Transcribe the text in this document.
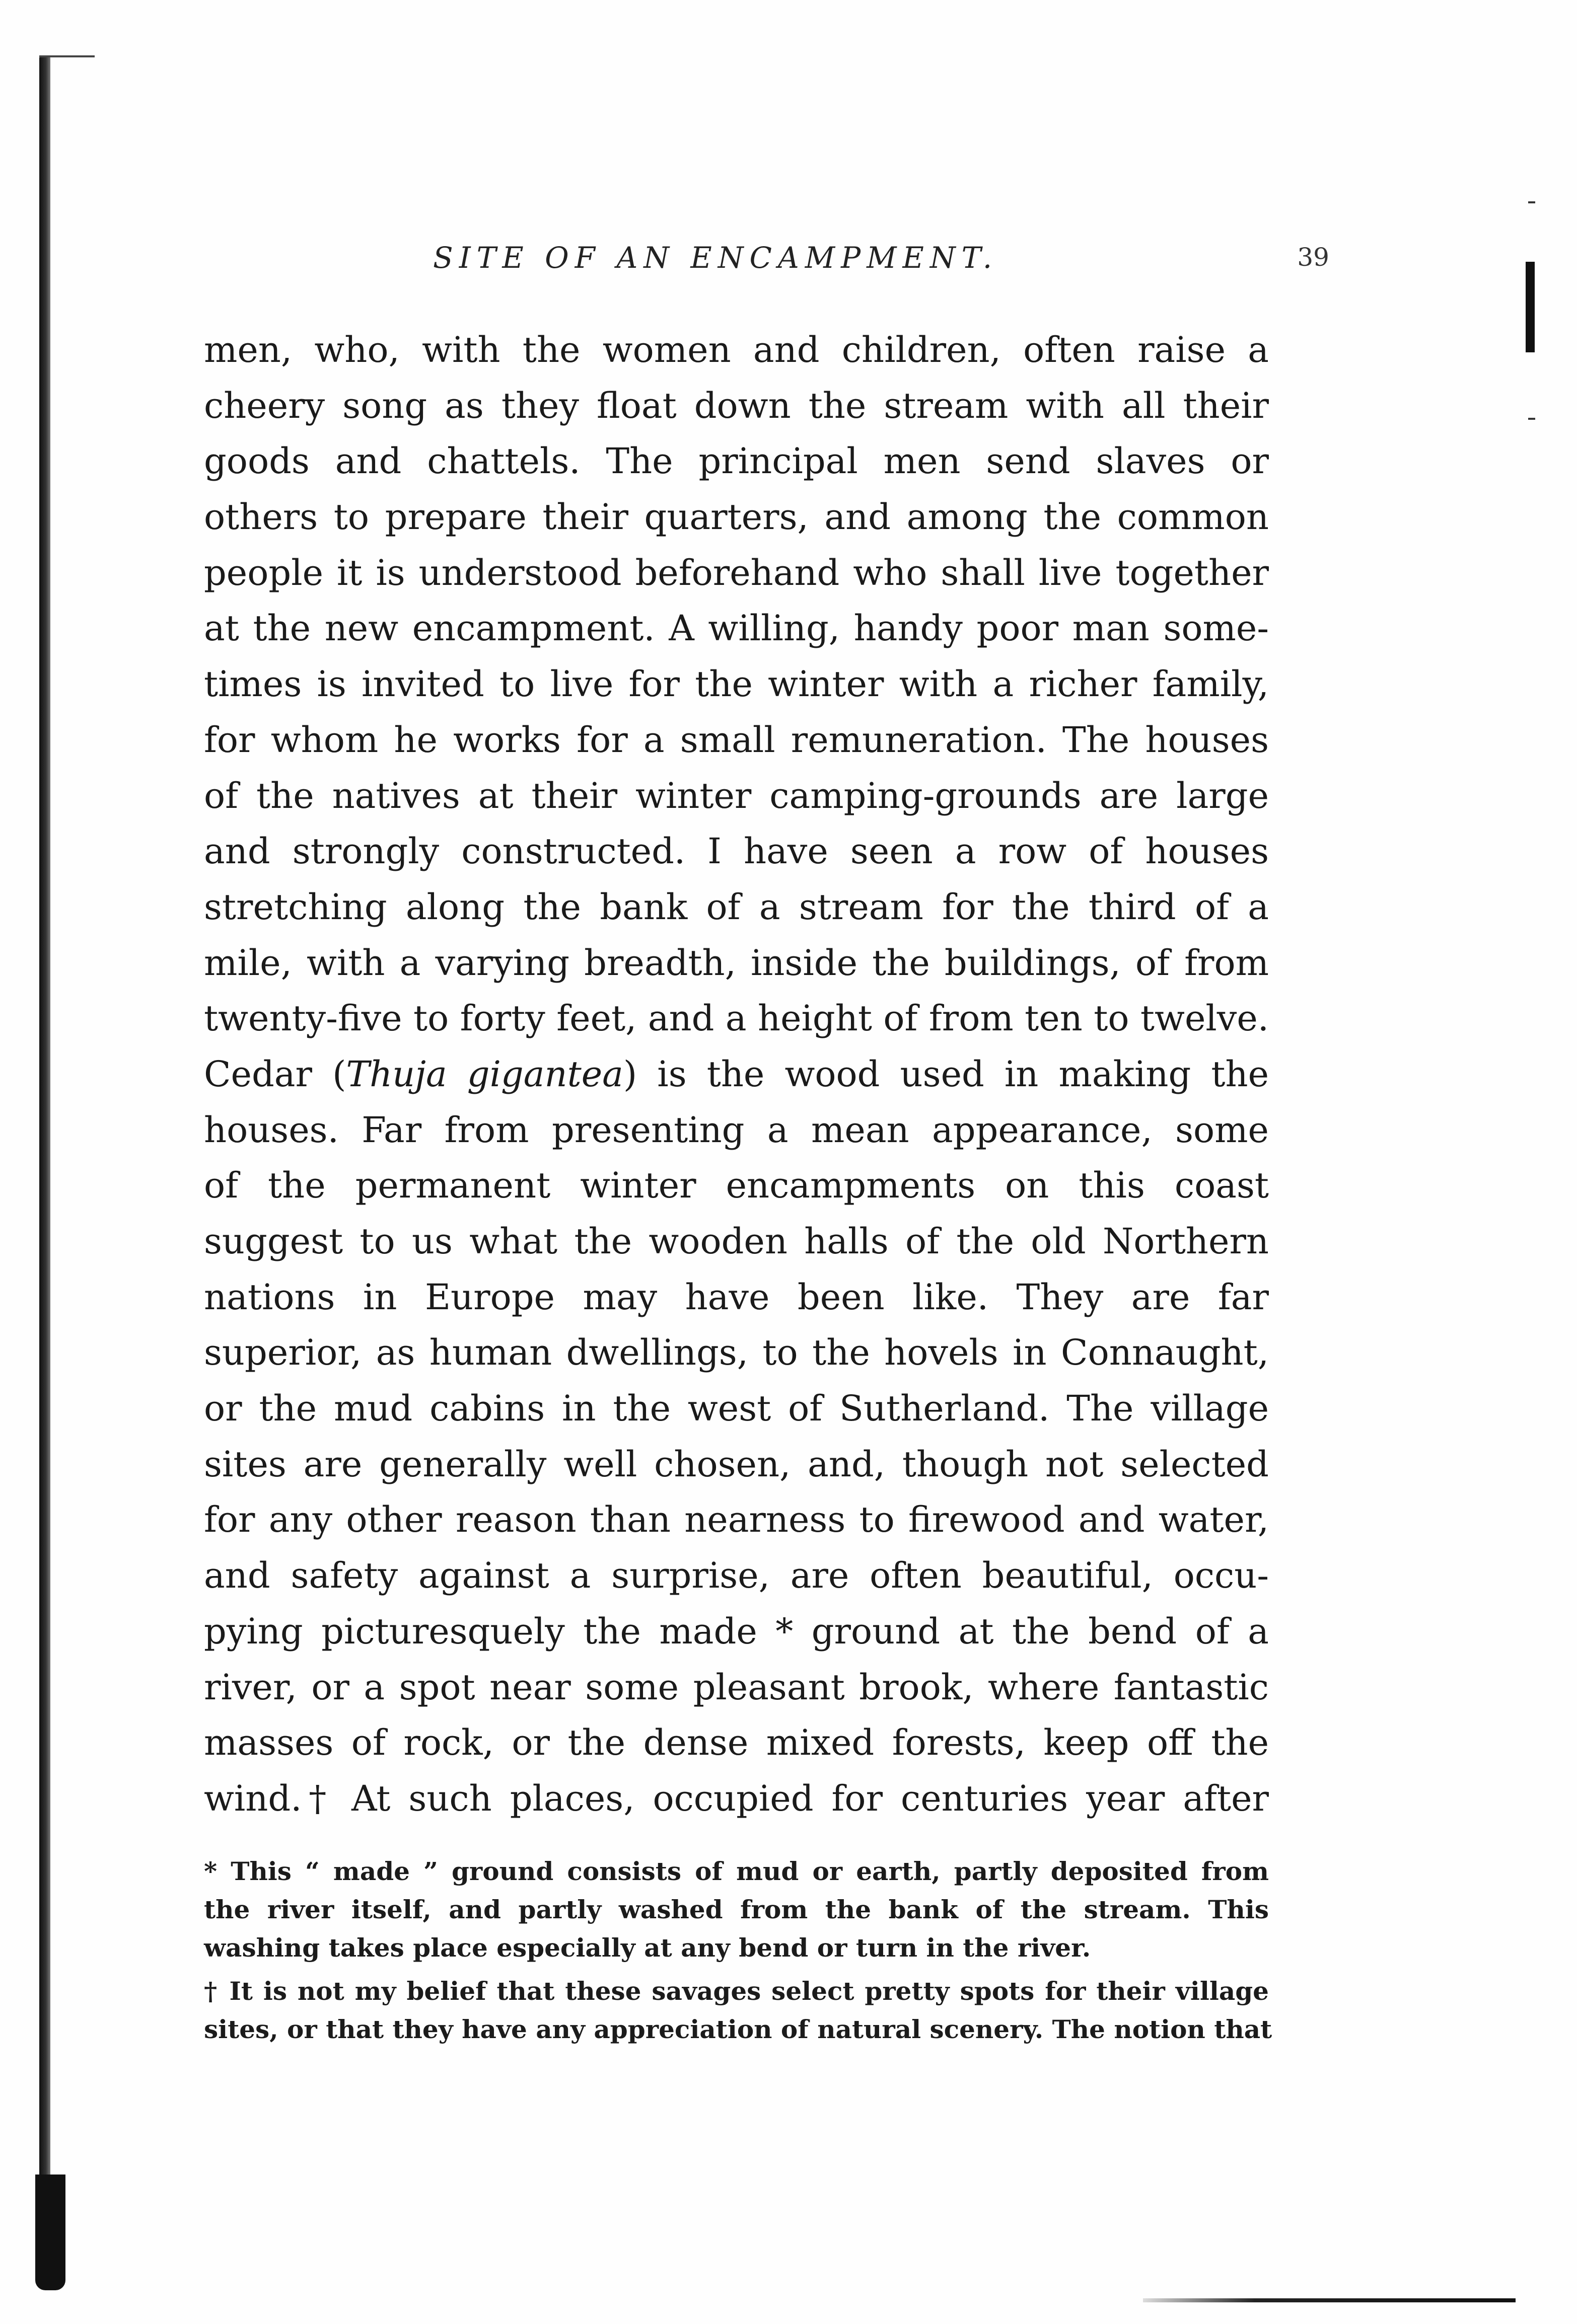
SITE OF AN ENCAMPMENT.	39
men, who, with the women and children, often raise a
cheery song as they float down the stream with all their
goods and chattels. The principal men send slaves or
others to prepare their quarters, and among the common
people it is understood beforehand who shall live together
at the new encampment. A willing, handy poor man some-
times is invited to live for the winter with a richer family,
for whom he works for a small remuneration. The houses
of the natives at their winter camping-grounds are large
and strongly constructed. I have seen a row of houses
stretching along the bank of a stream for the third of a
mile, with a varying breadth, inside the buildings, of from
twenty-five to forty feet, and a height of from ten to twelve.
Cedar (Thuja gigantea) is the wood used in making the
houses. Far from presenting a mean appearance, some
of the permanent winter encampments on this coast
suggest to us what the wooden halls of the old Northern
nations in Europe may have been like. They are far
superior, as human dwellings, to the hovels in Connaught,
or the mud cabins in the west of Sutherland. The village
sites are generally well chosen, and, though not selected
for any other reason than nearness to firewood and water,
and safety against a surprise, are often beautiful, occu-
pying picturesquely the made * ground at the bend of a
river, or a spot near some pleasant brook, where fantastic
masses of rock, or the dense mixed forests, keep off the
wind.† At such places, occupied for centuries year after
* This “ made ” ground consists of mud or earth, partly deposited from
the river itself, and partly washed from the bank of the stream. This
washing takes place especially at any bend or turn in the river.
† It is not my belief that these savages select pretty spots for their village
sites, or that they have any appreciation of natural scenery. The notion that
